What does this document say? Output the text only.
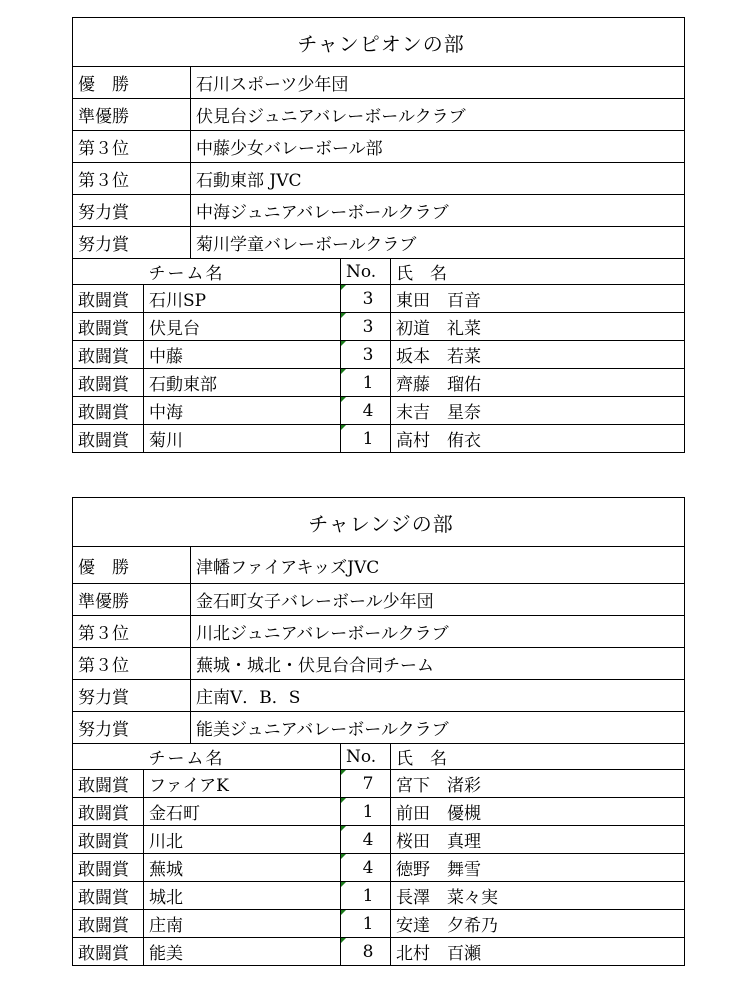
チャンピオンの部				
優　勝		石川スポーツ少年団		
準優勝		伏見台ジュニアバレーボールクラブ		
第３位		中藤少女バレーボール部		
第３位		石動東部 JVC		
努力賞		中海ジュニアバレーボールクラブ		
努力賞		菊川学童バレーボールクラブ		
	チーム名		No.	氏　名
敢闘賞	石川SP		3	東田　百音
敢闘賞	伏見台		3	初道　礼菜
敢闘賞	中藤		3	坂本　若菜
敢闘賞	石動東部		1	齊藤　瑠佑
敢闘賞	中海		4	末吉　星奈
敢闘賞	菊川		1	高村　侑衣
チャレンジの部				
優　勝		津幡ファイアキッズJVC		
準優勝		金石町女子バレーボール少年団		
第３位		川北ジュニアバレーボールクラブ		
第３位		蕪城・城北・伏見台合同チーム		
努力賞		庄南V．B．S		
努力賞		能美ジュニアバレーボールクラブ		
	チーム名		No.	氏　名
敢闘賞	ファイアK		7	宮下　渚彩
敢闘賞	金石町		1	前田　優槻
敢闘賞	川北		4	桜田　真理
敢闘賞	蕪城		4	徳野　舞雪
敢闘賞	城北		1	長澤　菜々実
敢闘賞	庄南		1	安達　夕希乃
敢闘賞	能美		8	北村　百瀬
